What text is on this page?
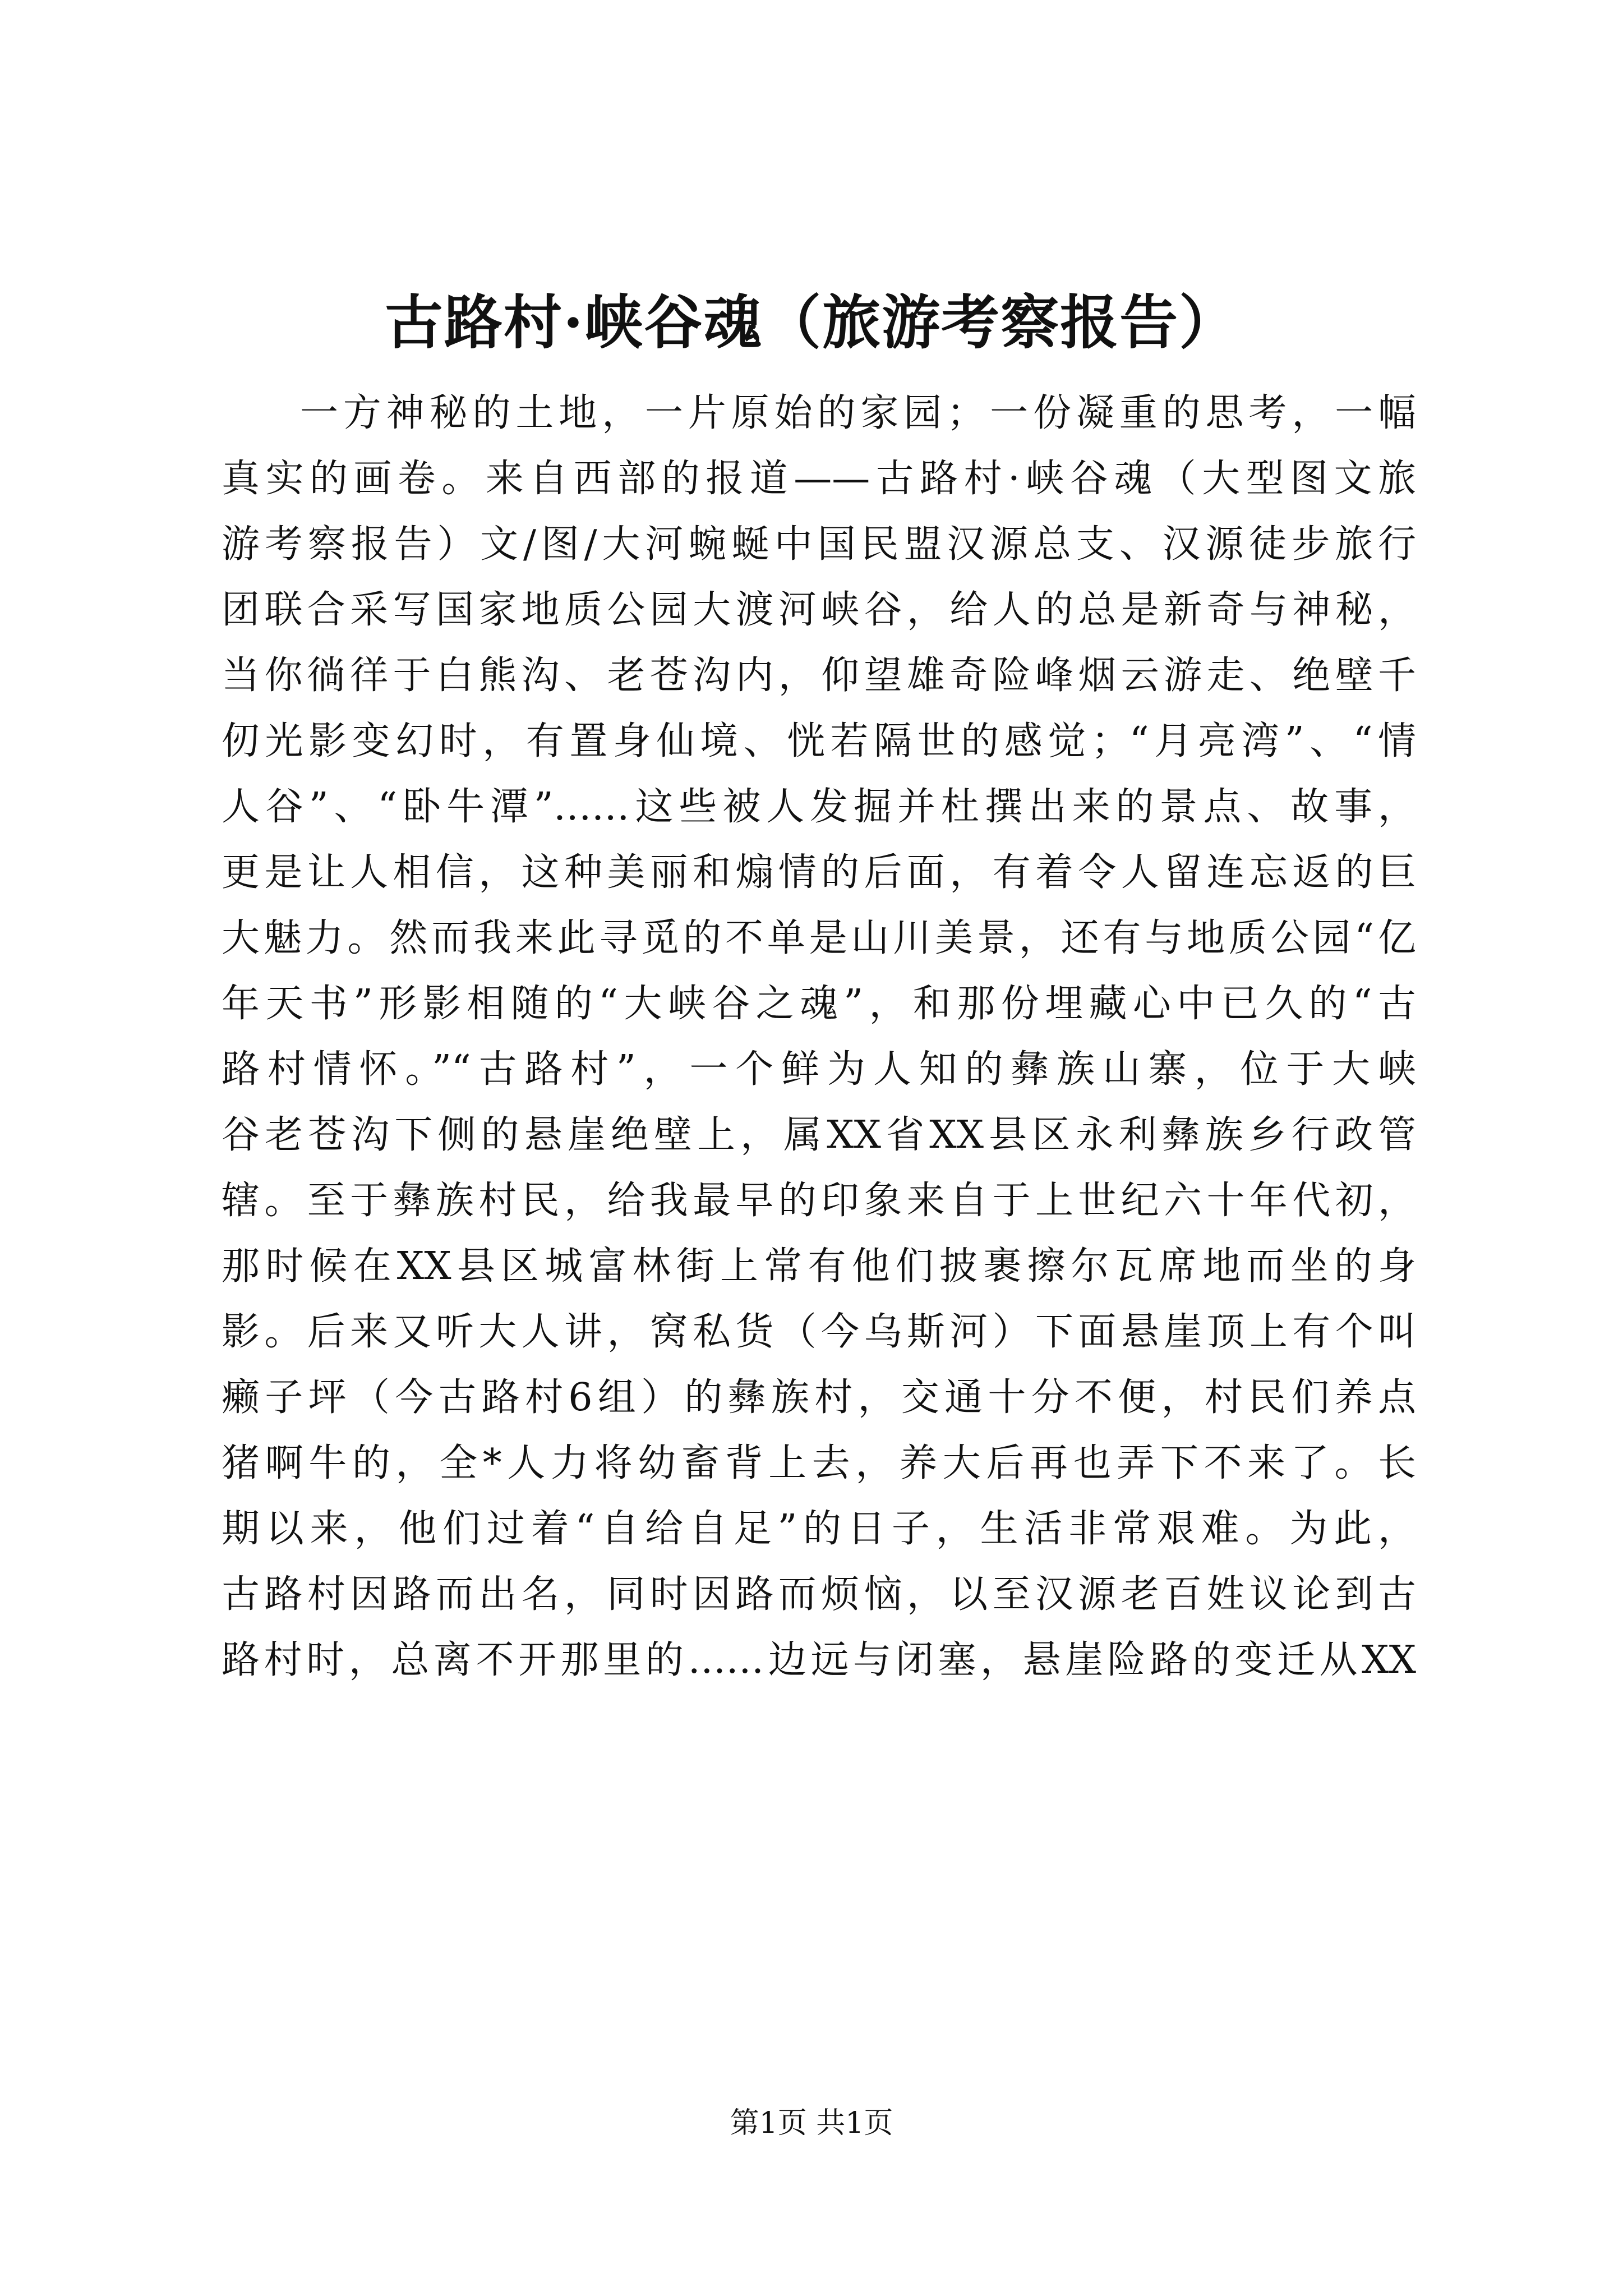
古路村·峡谷魂（旅游考察报告）
一方神秘的土地，一片原始的家园；一份凝重的思考，一幅
真实的画卷。来自西部的报道——古路村·峡谷魂（大型图文旅
游考察报告）文/图/大河蜿蜒中国民盟汉源总支、汉源徒步旅行
团联合采写国家地质公园大渡河峡谷，给人的总是新奇与神秘，
当你徜徉于白熊沟、老苍沟内，仰望雄奇险峰烟云游走、绝壁千
仞光影变幻时，有置身仙境、恍若隔世的感觉；“月亮湾”、“情
人谷”、“卧牛潭”……这些被人发掘并杜撰出来的景点、故事，
更是让人相信，这种美丽和煽情的后面，有着令人留连忘返的巨
大魅力。然而我来此寻觅的不单是山川美景，还有与地质公园“亿
年天书”形影相随的“大峡谷之魂”，和那份埋藏心中已久的“古
路村情怀。”“古路村”，一个鲜为人知的彝族山寨，位于大峡
谷老苍沟下侧的悬崖绝壁上，属XX省XX县区永利彝族乡行政管
辖。至于彝族村民，给我最早的印象来自于上世纪六十年代初，
那时候在XX县区城富林街上常有他们披裹擦尔瓦席地而坐的身
影。后来又听大人讲，窝私货（今乌斯河）下面悬崖顶上有个叫
癞子坪（今古路村6组）的彝族村，交通十分不便，村民们养点
猪啊牛的，全*人力将幼畜背上去，养大后再也弄下不来了。长
期以来，他们过着“自给自足”的日子，生活非常艰难。为此，
古路村因路而出名，同时因路而烦恼，以至汉源老百姓议论到古
路村时，总离不开那里的……边远与闭塞，悬崖险路的变迁从XX
第1页 共1页
